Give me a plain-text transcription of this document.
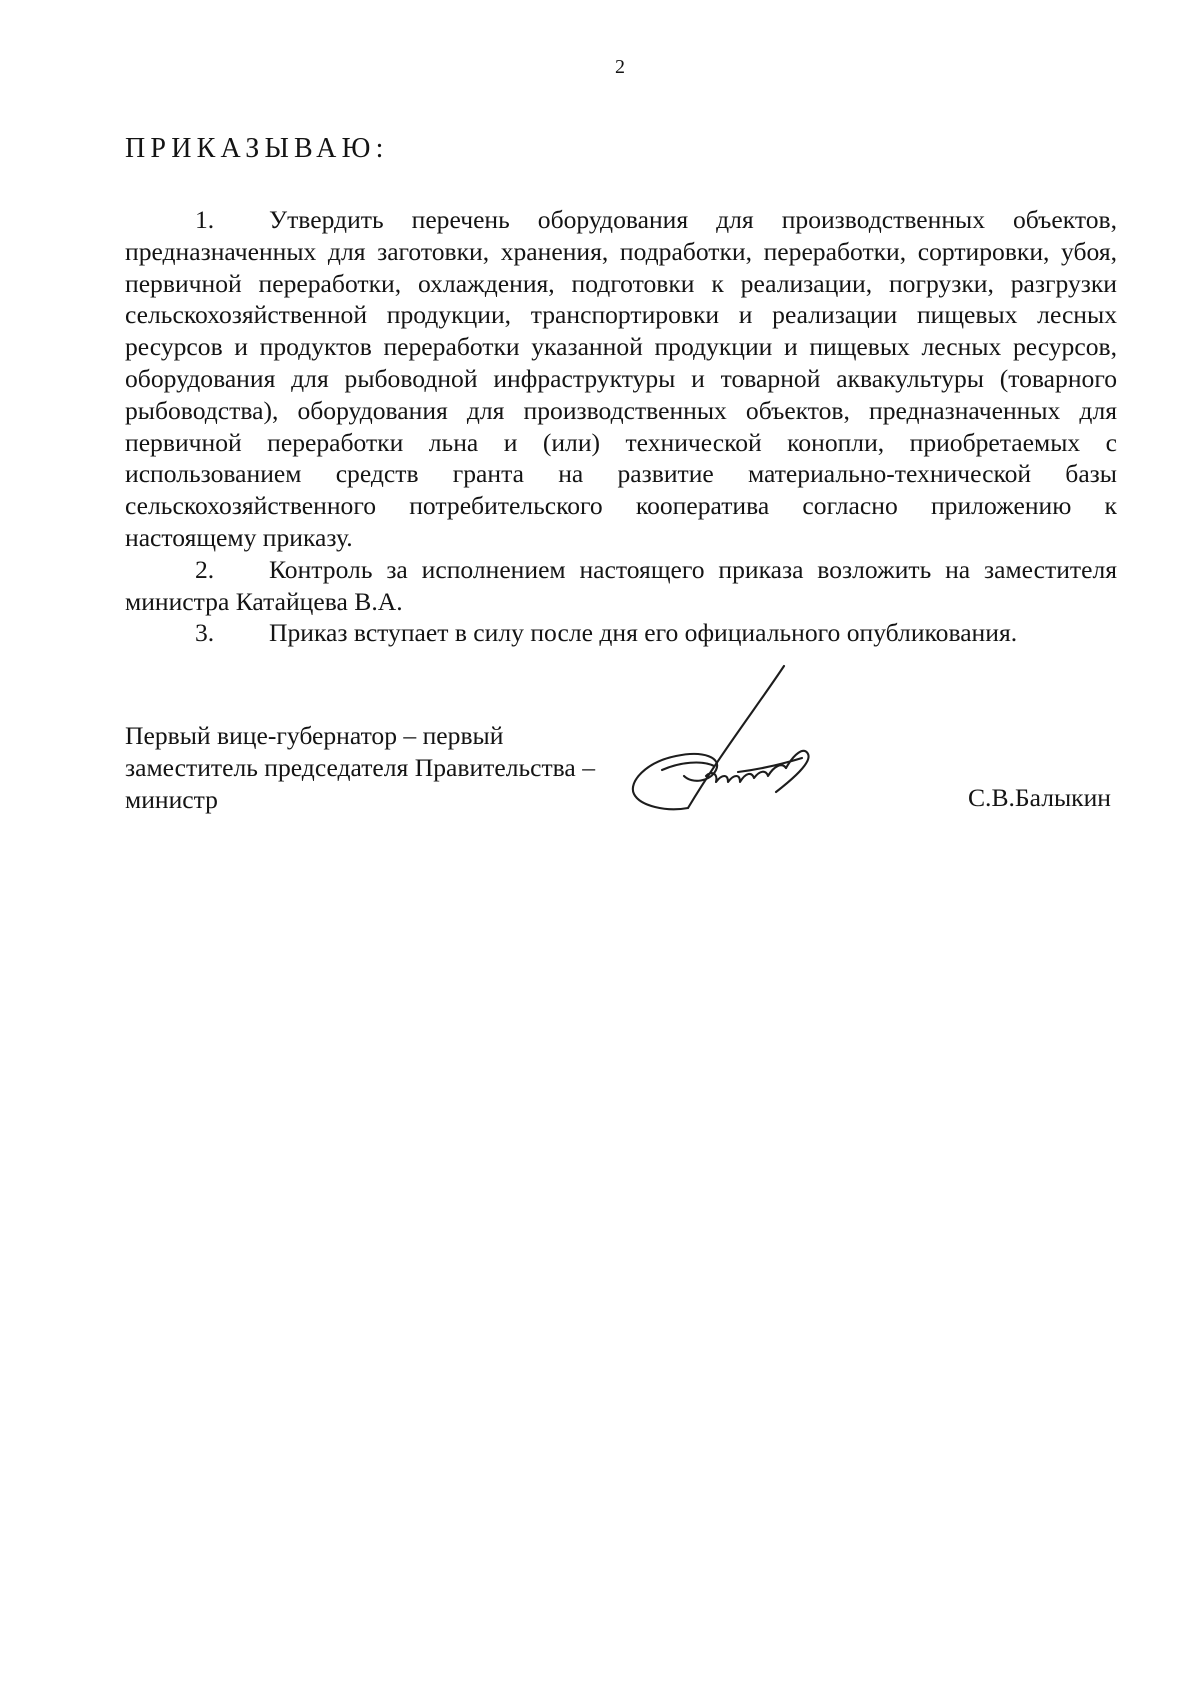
2
ПРИКАЗЫВАЮ:

1. Утвердить перечень оборудования для производственных объектов, предназначенных для заготовки, хранения, подработки, переработки, сортировки, убоя, первичной переработки, охлаждения, подготовки к реализации, погрузки, разгрузки сельскохозяйственной продукции, транспортировки и реализации пищевых лесных ресурсов и продуктов переработки указанной продукции и пищевых лесных ресурсов, оборудования для рыбоводной инфраструктуры и товарной аквакультуры (товарного рыбоводства), оборудования для производственных объектов, предназначенных для первичной переработки льна и (или) технической конопли, приобретаемых с использованием средств гранта на развитие материально-технической базы сельскохозяйственного потребительского кооператива согласно приложению к настоящему приказу.

2. Контроль за исполнением настоящего приказа возложить на заместителя министра Катайцева В.А.

3. Приказ вступает в силу после дня его официального опубликования.

Первый вице-губернатор – первый
заместитель председателя Правительства –
министр	С.В.Балыкин
